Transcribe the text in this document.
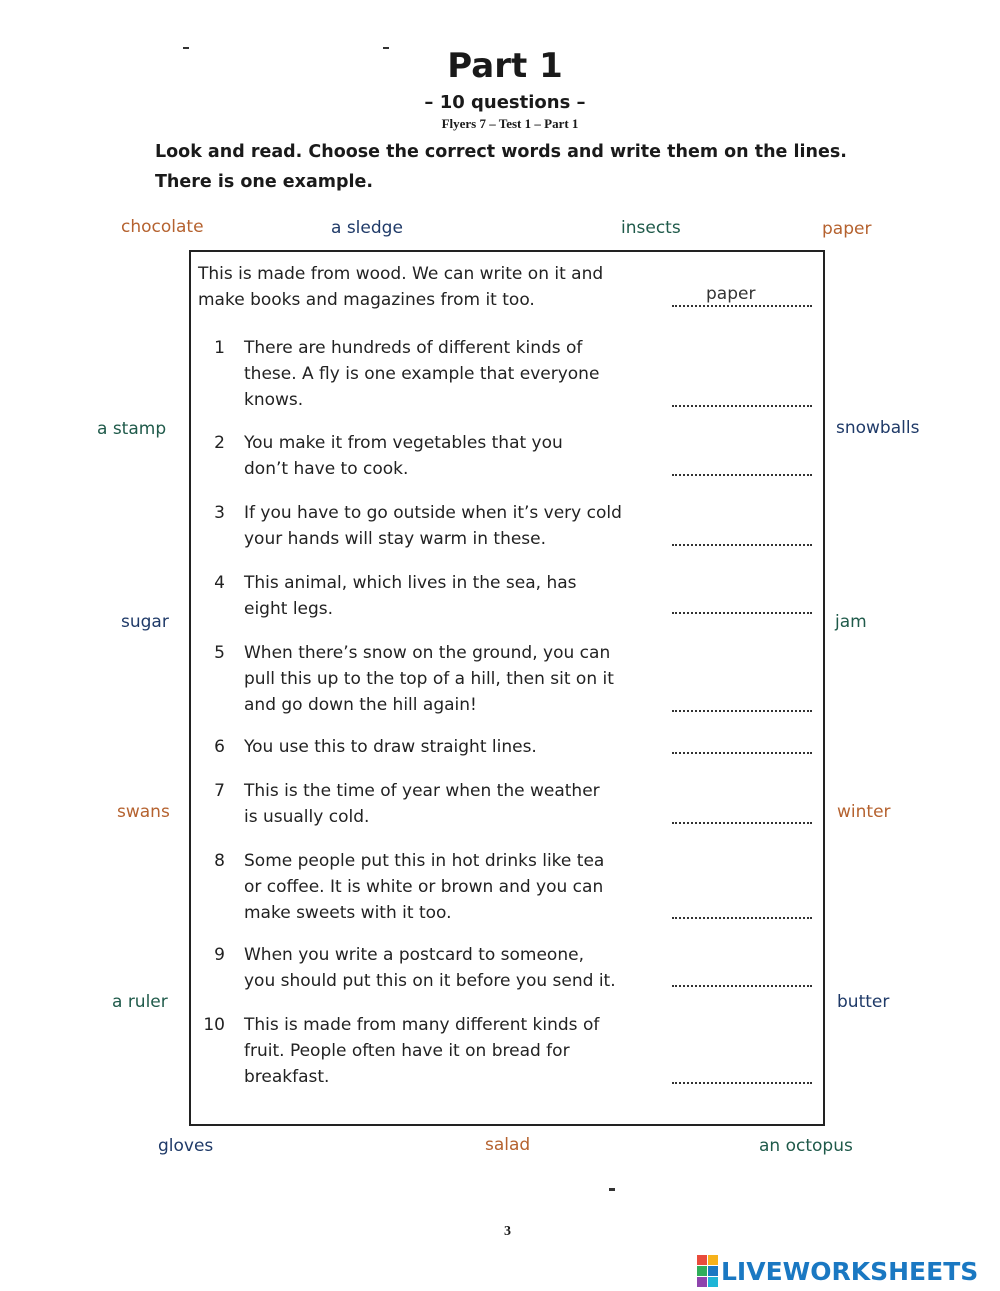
Part 1
– 10 questions –
Flyers 7 – Test 1 – Part 1
Look and read. Choose the correct words and write them on the lines. There is one example.
chocolate	a sledge	insects	paper
a stamp	snowballs
sugar	jam
swans	winter
a ruler	butter
gloves	salad	an octopus
This is made from wood. We can write on it and
make books and magazines from it too.	paper
1 There are hundreds of different kinds of
these. A fly is one example that everyone
knows.
2 You make it from vegetables that you
don’t have to cook.
3 If you have to go outside when it’s very cold
your hands will stay warm in these.
4 This animal, which lives in the sea, has
eight legs.
5 When there’s snow on the ground, you can
pull this up to the top of a hill, then sit on it
and go down the hill again!
6 You use this to draw straight lines.
7 This is the time of year when the weather
is usually cold.
8 Some people put this in hot drinks like tea
or coffee. It is white or brown and you can
make sweets with it too.
9 When you write a postcard to someone,
you should put this on it before you send it.
10 This is made from many different kinds of
fruit. People often have it on bread for
breakfast.
3
LIVEWORKSHEETS
